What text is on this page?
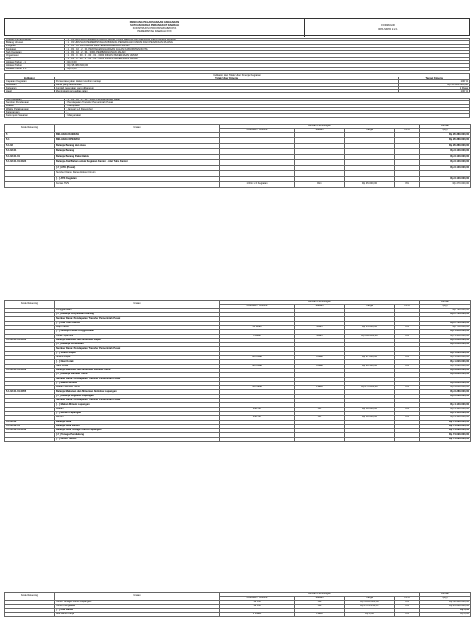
RENCANA PELAKSANAAN ANGGARAN
SATUAN KERJA PERANGKAT DAERAH
KONSTRUKSI PROVINSI/KAB/KOTA
PEMERINTAH DAERAH XXX
FORMULIR
RPA SKPD 2.2.1
Bidang Urusan	: 1 . 03 URUSAN PEMERINTAHAN BIDANG PEKERJAAN UMUM DAN PENATAAN RUANG
Program	: 1 . 03 . 10 PROGRAM PENYELENGGARAAN JALAN
Kegiatan	: 1 . 03 . 10 . 2 . 01 PENYELENGGARAAN JALAN KABUPATEN/KOTA
Sub Kegiatan	: 1 . 03 . 10 . 2 . 01 . 0001 PEMBANGUNAN JALAN
Organisasi	: 1 . 03 . 0 . 00 . 0 . 00 . 01 . 0000 DINAS PEKERJAAN UMUM
Unit	: 1 . 03 . 0 . 00 . 0 . 00 . 01 . 0001 DINAS PEKERJAAN UMUM
Alokasi Tahun - 1	: Rp 0,00
Alokasi Tahun	: Rp 95.380.600,00
Alokasi Tahun + 1	: Rp 0,00
Indikator dan Tolak Ukur Kinerja Kegiatan
Indikator	Tolak Ukur Kinerja	Target Kinerja
Capaian Kegiatan	Persentase jalan dalam kondisi mantap	100 %
Masukan	Dana yang dibutuhkan	Rp 95.380.600,00
Keluaran	Jumlah ruas jalan yang dibangun	1 Ruas
Hasil	Meningkatnya kualitas jalan	100 %
Sumber Pendanaan	: Pendapatan Transfer Pemerintah Pusat
Lokasi	: Kabupaten
Waktu Pelaksanaan	: Januari s.d Desember
Keterangan	: -
Kelompok Sasaran	: Masyarakat
Kode Rekening	Uraian	Rincian Perhitungan				Jumlah
		Koefisien / Volume	Satuan	Harga	PPN	(Rp)
5	BELANJA DAERAH					Rp 95.380.600,00
5.1	BELANJA OPERASI					Rp 95.380.600,00
5.1.02	Belanja Barang dan Jasa					Rp 95.380.600,00
5.1.02.01	Belanja Barang					Rp 8.100.000,00
5.1.02.01.01	Belanja Barang Pakai Habis					Rp 8.100.000,00
5.1.02.01.01.0024	Belanja Alat/Bahan untuk Kegiatan Kantor - Alat Tulis Kantor					Rp 8.100.000,00
	[ # ] ATK (Pusat)					Rp 8.100.000,00
	Sumber Dana: Dana Alokasi Umum					
	[ - ] ATK Kegiatan					Rp 8.100.000,00
	Kertas HVS	1 Rim x 6 Kegiatan	Rim	Rp 45.000,00	0%	Rp 270.000,00
Kode Rekening	Uraian	Rincian Perhitungan				Jumlah
		Koefisien / Volume	Satuan	Harga	PPN	(Rp)
	Penggandaan					Rp 720.000,00
	[ # ] Belanja Penyediaan Barang					Rp 2.700.000,00
	Sumber Dana: Pendapatan Transfer Pemerintah Pusat					
	[ - ] Alat Tulis Kantor					Rp 2.700.000,00
	Map Plastik	50 Buah	Buah	Rp 15.000,00	0%	Rp 750.000,00
	[ - ] Belanja Cetak Penggandaan					Rp 1.950.000,00
	Cetak Spanduk	3 Buah	Buah	Rp 650.000,00	0%	Rp 1.950.000,00
5.1.02.01.01.0052	Belanja Makanan dan Minuman Rapat					Rp 3.240.000,00
	[ # ] Belanja Pertemuan					Rp 3.240.000,00
	Sumber Dana: Pendapatan Transfer Pemerintah Pusat					
	[ - ] Snack Rapat					Rp 1.620.000,00
	Snack Rapat	60 Kotak	Kotak	Rp 27.000,00	0%	Rp 1.620.000,00
	[ - ] Nasi Kotak					Rp 1.620.000,00
	Nasi Kotak	40 Kotak	Kotak	Rp 40.500,00	0%	Rp 1.620.000,00
5.1.02.01.01.0053	Belanja Makanan dan Minuman Jamuan Tamu					Rp 9.800.000,00
	[ # ] Belanja Jamuan Tamu					Rp 9.800.000,00
	Sumber Dana: Pendapatan Transfer Pemerintah Pusat					
	[ - ] Makan Minum					Rp 9.800.000,00
	Makan Jamuan Tamu	56 Paket	Paket	Rp 175.000,00	0%	Rp 9.800.000,00
5.1.02.01.01.0055	Belanja Makanan dan Minuman Aktivitas Lapangan					Rp 8.280.000,00
	[ # ] Belanja Kegiatan Lapangan					Rp 8.280.000,00
	Sumber Dana: Pendapatan Transfer Pemerintah Pusat					
	[ - ] Makan Minum Lapangan					Rp 4.140.000,00
	Makan	138 OK	OK	Rp 30.000,00	0%	Rp 4.140.000,00
	[ - ] Minum Lapangan					Rp 4.140.000,00
	Minum	138 OK	OK	Rp 30.000,00	0%	Rp 4.140.000,00
5.1.02.02	Belanja Jasa					Rp 74.090.600,00
5.1.02.02.01	Belanja Jasa Kantor					Rp 74.090.600,00
5.1.02.02.01.0013	Belanja Jasa Tenaga Teknis Lapangan					Rp 74.090.600,00
	[ # ] Tenaga Pendukung					Rp 74.090.600,00
	[ - ] Honor Teknis					Rp 74.090.600,00
Kode Rekening	Uraian	Rincian Perhitungan				Jumlah
		Koefisien / Volume	Satuan	Harga	PPN	(Rp)
	Honor Tenaga Teknis Lapangan	12 OB	OB	Rp 4.200.000,00	0%	Rp 50.400.000,00
	Honor Pengawas	12 OB	OB	Rp 1.974.216,67	0%	Rp 23.690.600,00
	[ - ] Alat Bantu					Rp 0,00
	Alat Bantu Kerja	1 Paket	Paket	Rp 0,00	0%	Rp 0,00
